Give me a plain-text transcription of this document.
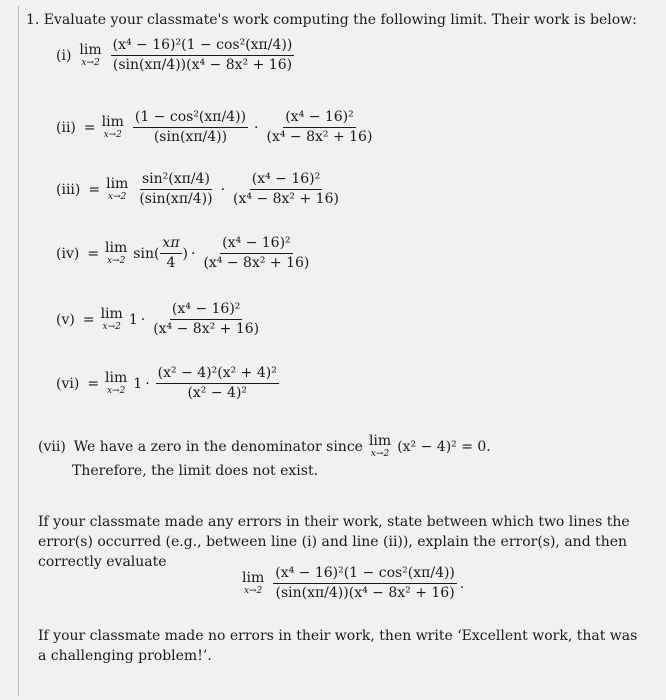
1. Evaluate your classmate's work computing the following limit. Their work is below:
(i) lim
$x\to 2 \frac{\text{(x⁴ − 16)²(1 − cos²(xπ/4))}}{\text{(sin(xπ/4))(x⁴ − 8x² + 16)}}$
(ii) = lim
$x\to 2 \frac{\text{(1 − cos²(xπ/4))}}{(\sin(x\pi/4))} \cdot \frac{\text{(x⁴ − 16)²}}{\text{(x⁴ − 8x² + 16)}}$
(iii) = lim
$x\to 2 \frac{\text{sin²(xπ/4)}}{(\sin(x\pi/4))} \cdot \frac{\text{(x⁴ − 16)²}}{\text{(x⁴ − 8x² + 16)}}$
(iv) = lim
x→2 $\sin( \frac{x\pi}{4}$ ) · $\frac{\text{(x⁴ − 16)²}}{\text{(x⁴ − 8x² + 16)}}$
(v) = lim
x→2 $1 \cdot \frac{\text{(x⁴ − 16)²}}{\text{(x⁴ − 8x² + 16)}}$
(vi) = lim
x→2 $1 \cdot \frac{\text{(x² − 4)²(x² + 4)²}}{\text{(x² − 4)²}}$
(vii) We have a zero in the denominator since lim
x→2 (x² − 4)² = 0.
Therefore, the limit does not exist.
If your classmate made any errors in their work, state between which two lines the error(s) occurred (e.g., between line (i) and line (ii)), explain the error(s), and then correctly evaluate
lim
$x\to 2 \frac{\text{(x⁴ − 16)²(1 − cos²(xπ/4))}}{\text{(sin(xπ/4))(x⁴ − 8x² + 16)}}$ .
If your classmate made no errors in their work, then write ‘Excellent work, that was a challenging problem!’.
